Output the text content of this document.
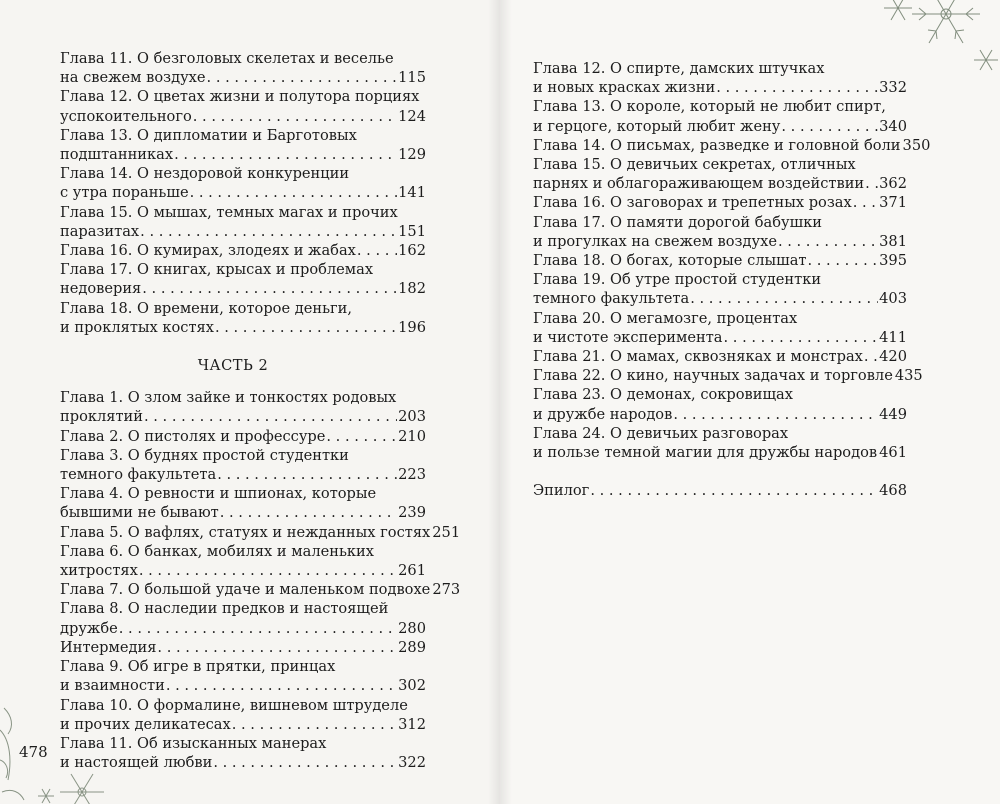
Глава 11. О безголовых скелетах и веселье
на свежем воздухе . . .	115
Глава 12. О цветах жизни и полутора порциях
успокоительного . . .	124
Глава 13. О дипломатии и Барготовых
подштанниках . . .	129
Глава 14. О нездоровой конкуренции
с утра пораньше . . .	141
Глава 15. О мышах, темных магах и прочих
паразитах . . .	151
Глава 16. О кумирах, злодеях и жабах . . .	162
Глава 17. О книгах, крысах и проблемах
недоверия . . .	182
Глава 18. О времени, которое деньги,
и проклятых костях . . .	196
ЧАСТЬ 2
Глава 1. О злом зайке и тонкостях родовых
проклятий . . .	203
Глава 2. О пистолях и профессуре . . .	210
Глава 3. О буднях простой студентки
темного факультета . . .	223
Глава 4. О ревности и шпионах, которые
бывшими не бывают . . .	239
Глава 5. О вафлях, статуях и нежданных гостях 251
Глава 6. О банках, мобилях и маленьких
хитростях . . .	261
Глава 7. О большой удаче и маленьком подвохе 273
Глава 8. О наследии предков и настоящей
дружбе . . .	280
Интермедия . . .	289
Глава 9. Об игре в прятки, принцах
и взаимности . . .	302
Глава 10. О формалине, вишневом штруделе
и прочих деликатесах . . .	312
Глава 11. Об изысканных манерах
и настоящей любви . . .	322
Глава 12. О спирте, дамских штучках
и новых красках жизни . . .	332
Глава 13. О короле, который не любит спирт,
и герцоге, который любит жену . . .	340
Глава 14. О письмах, разведке и головной боли 350
Глава 15. О девичьих секретах, отличных
парнях и облагораживающем воздействии . . . 362
Глава 16. О заговорах и трепетных розах . . . 371
Глава 17. О памяти дорогой бабушки
и прогулках на свежем воздухе . . .	381
Глава 18. О богах, которые слышат . . .	395
Глава 19. Об утре простой студентки
темного факультета . . .	403
Глава 20. О мегамозге, процентах
и чистоте эксперимента . . .	411
Глава 21. О мамах, сквозняках и монстрах . . . 420
Глава 22. О кино, научных задачах и торговле 435
Глава 23. О демонах, сокровищах
и дружбе народов . . .	449
Глава 24. О девичьих разговорах
и пользе темной магии для дружбы народов . . . 461
Эпилог . . .	468
478
